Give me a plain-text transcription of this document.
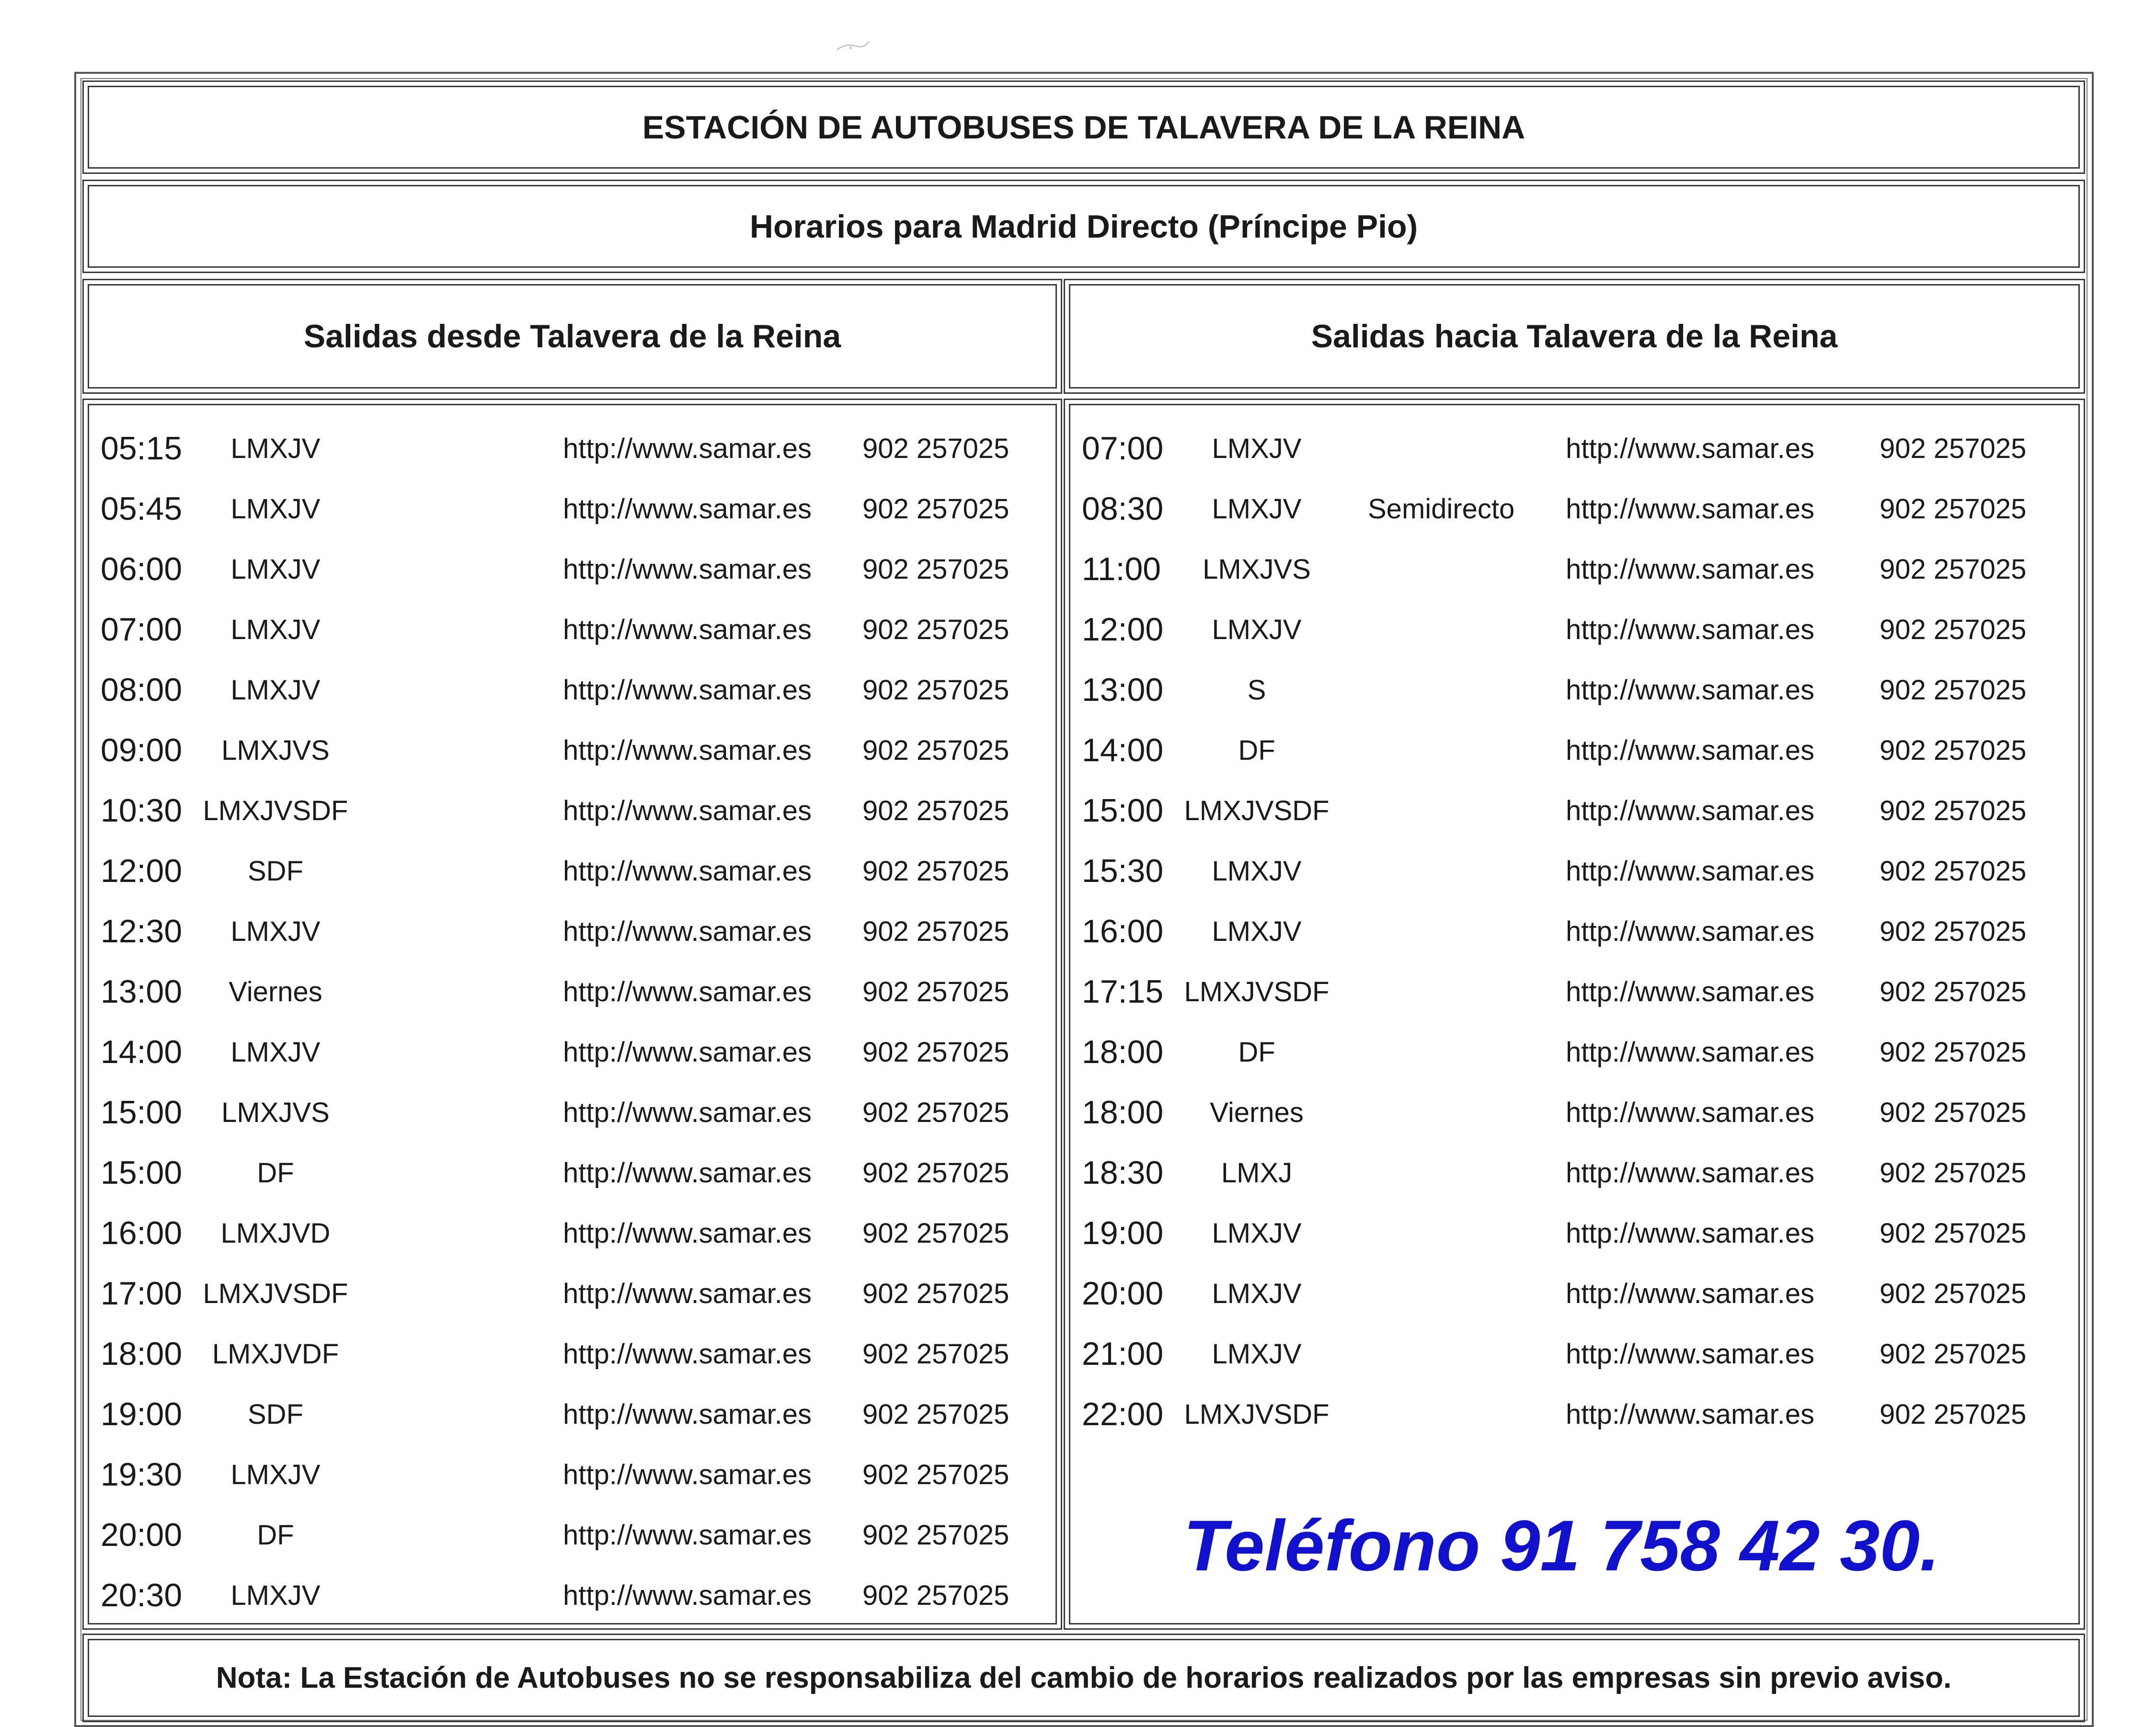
ESTACIÓN DE AUTOBUSES DE TALAVERA DE LA REINA
Horarios para Madrid Directo (Príncipe Pio)
Salidas desde Talavera de la Reina	Salidas hacia Talavera de la Reina
05:15 LMXJV	http://www.samar.es 902 257025
05:45 LMXJV	http://www.samar.es 902 257025
06:00 LMXJV	http://www.samar.es 902 257025
07:00 LMXJV	http://www.samar.es 902 257025
08:00 LMXJV	http://www.samar.es 902 257025
09:00 LMXJVS	http://www.samar.es 902 257025
10:30 LMXJVSDF	http://www.samar.es 902 257025
12:00 SDF	http://www.samar.es 902 257025
12:30 LMXJV	http://www.samar.es 902 257025
13:00 Viernes	http://www.samar.es 902 257025
14:00 LMXJV	http://www.samar.es 902 257025
15:00 LMXJVS	http://www.samar.es 902 257025
15:00	DF	http://www.samar.es 902 257025
16:00 LMXJVD	http://www.samar.es 902 257025
17:00 LMXJVSDF	http://www.samar.es 902 257025
18:00 LMXJVDF	http://www.samar.es 902 257025
19:00 SDF	http://www.samar.es 902 257025
19:30 LMXJV	http://www.samar.es 902 257025
20:00	DF	http://www.samar.es 902 257025
20:30 LMXJV	http://www.samar.es 902 257025
07:00 LMXJV	http://www.samar.es 902 257025
08:30 LMXJV Semidirecto http://www.samar.es 902 257025
11:00 LMXJVS	http://www.samar.es 902 257025
12:00 LMXJV	http://www.samar.es 902 257025
13:00	S	http://www.samar.es 902 257025
14:00	DF	http://www.samar.es 902 257025
15:00 LMXJVSDF	http://www.samar.es 902 257025
15:30 LMXJV	http://www.samar.es 902 257025
16:00 LMXJV	http://www.samar.es 902 257025
17:15 LMXJVSDF	http://www.samar.es 902 257025
18:00	DF	http://www.samar.es 902 257025
18:00 Viernes	http://www.samar.es 902 257025
18:30 LMXJ	http://www.samar.es 902 257025
19:00 LMXJV	http://www.samar.es 902 257025
20:00 LMXJV	http://www.samar.es 902 257025
21:00 LMXJV	http://www.samar.es 902 257025
22:00 LMXJVSDF	http://www.samar.es 902 257025
Teléfono 91 758 42 30.
Nota: La Estación de Autobuses no se responsabiliza del cambio de horarios realizados por las empresas sin previo aviso.
